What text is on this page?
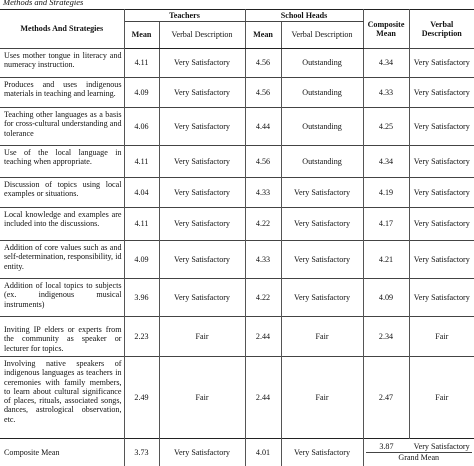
Methods and Strategies
Methods And Strategies	Teachers		School Heads		Composite Mean	Verbal Description
	Mean	Verbal Description	Mean	Verbal Description		
Uses mother tongue in literacy and numeracy instruction.	4.11	Very Satisfactory	4.56	Outstanding	4.34	Very Satisfactory
Produces and uses indigenous materials in teaching and learning.	4.09	Very Satisfactory	4.56	Outstanding	4.33	Very Satisfactory
Teaching other languages as a basis for cross-cultural understanding and tolerance	4.06	Very Satisfactory	4.44	Outstanding	4.25	Very Satisfactory
Use of the local language in teaching when appropriate.	4.11	Very Satisfactory	4.56	Outstanding	4.34	Very Satisfactory
Discussion of topics using local examples or situations.	4.04	Very Satisfactory	4.33	Very Satisfactory	4.19	Very Satisfactory
Local knowledge and examples are included into the discussions.	4.11	Very Satisfactory	4.22	Very Satisfactory	4.17	Very Satisfactory
Addition of core values such as and self-determination, responsibility, id entity.	4.09	Very Satisfactory	4.33	Very Satisfactory	4.21	Very Satisfactory
Addition of local topics to subjects (ex. indigenous musical instruments)	3.96	Very Satisfactory	4.22	Very Satisfactory	4.09	Very Satisfactory
Inviting IP elders or experts from the community as speaker or lecturer for topics.	2.23	Fair	2.44	Fair	2.34	Fair
Involving native speakers of indigenous languages as teachers in ceremonies with family members, to learn about cultural significance of places, rituals, associated songs, dances, astrological observation, etc.	2.49	Fair	2.44	Fair	2.47	Fair
Composite Mean	3.73	Very Satisfactory	4.01	Very Satisfactory	3.87 Very Satisfactory
Grand Mean	
